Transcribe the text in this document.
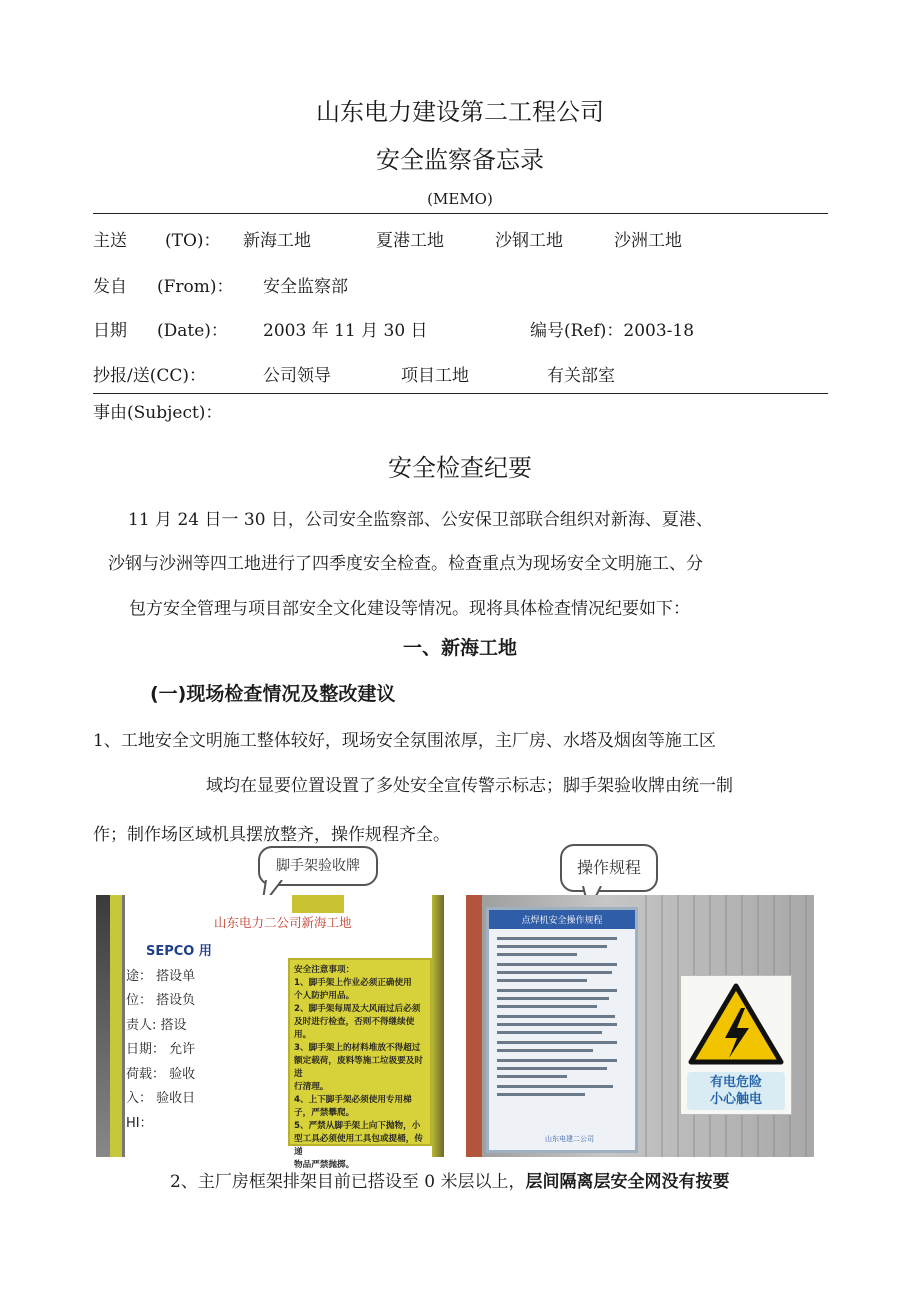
山东电力建设第二工程公司
安全监察备忘录
(MEMO)
主送 (TO)： 新海工地	夏港工地	沙钢工地	沙洲工地
发自 (From)： 安全监察部
日期 (Date)： 2003 年 11 月 30 日	编号(Ref)：2003-18
抄报/送(CC)：	公司领导	项目工地	有关部室
事由(Subject)：
安全检查纪要
11 月 24 日一 30 日，公司安全监察部、公安保卫部联合组织对新海、夏港、
沙钢与沙洲等四工地进行了四季度安全检查。检查重点为现场安全文明施工、分
包方安全管理与项目部安全文化建设等情况。现将具体检查情况纪要如下：
一、新海工地
(一)现场检查情况及整改建议
1、工地安全文明施工整体较好，现场安全氛围浓厚，主厂房、水塔及烟囱等施工区
域均在显要位置设置了多处安全宣传警示标志；脚手架验收牌由统一制
作；制作场区域机具摆放整齐，操作规程齐全。
脚手架验收牌	操作规程
山东电力二公司新海工地
SEPCO 用
途： 搭设单
位： 搭设负
责人: 搭设
日期： 允许
荷载： 验收
入： 验收日
HI：
安全注意事项：
1、脚手架上作业必须正确使用
个人防护用品。
2、脚手架每周及大风雨过后必须
及时进行检查，否则不得继续使用。
3、脚手架上的材料堆放不得超过
额定载荷，废料等施工垃圾要及时进
行清理。
4、上下脚手架必须使用专用梯
子，严禁攀爬。
5、严禁从脚手架上向下抛物，小
型工具必须使用工具包或提桶，传递
物品严禁抛掷。
点焊机安全操作规程
山东电建二公司
有电危险
小心触电
2、主厂房框架排架目前已搭设至 0 米层以上，层间隔离层安全网没有按要
